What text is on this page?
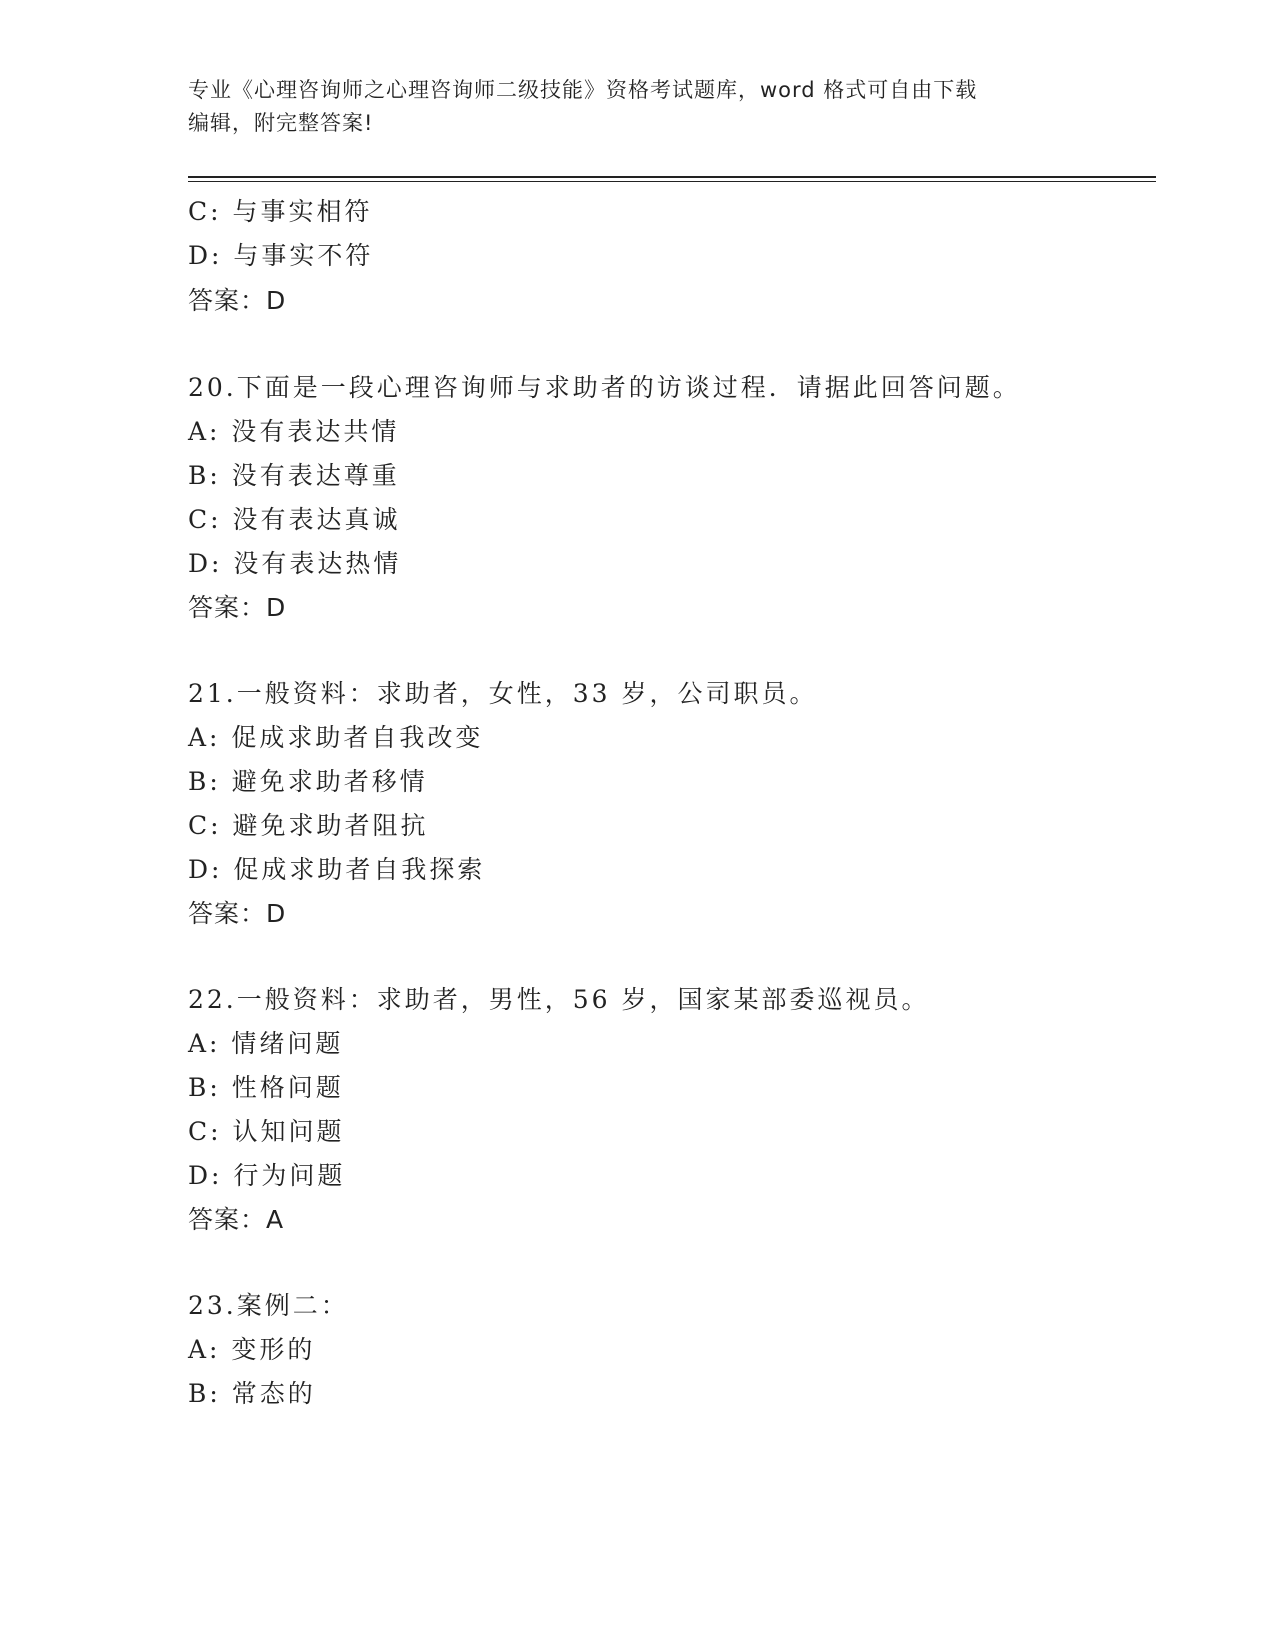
专业《心理咨询师之心理咨询师二级技能》资格考试题库，word 格式可自由下载
编辑，附完整答案!
C: 与事实相符
D: 与事实不符
答案：D
20.下面是一段心理咨询师与求助者的访谈过程．请据此回答问题。
A: 没有表达共情
B: 没有表达尊重
C: 没有表达真诚
D: 没有表达热情
答案：D
21.一般资料：求助者，女性，33 岁，公司职员。
A: 促成求助者自我改变
B: 避免求助者移情
C: 避免求助者阻抗
D: 促成求助者自我探索
答案：D
22.一般资料：求助者，男性，56 岁，国家某部委巡视员。
A: 情绪问题
B: 性格问题
C: 认知问题
D: 行为问题
答案：A
23.案例二：
A: 变形的
B: 常态的
